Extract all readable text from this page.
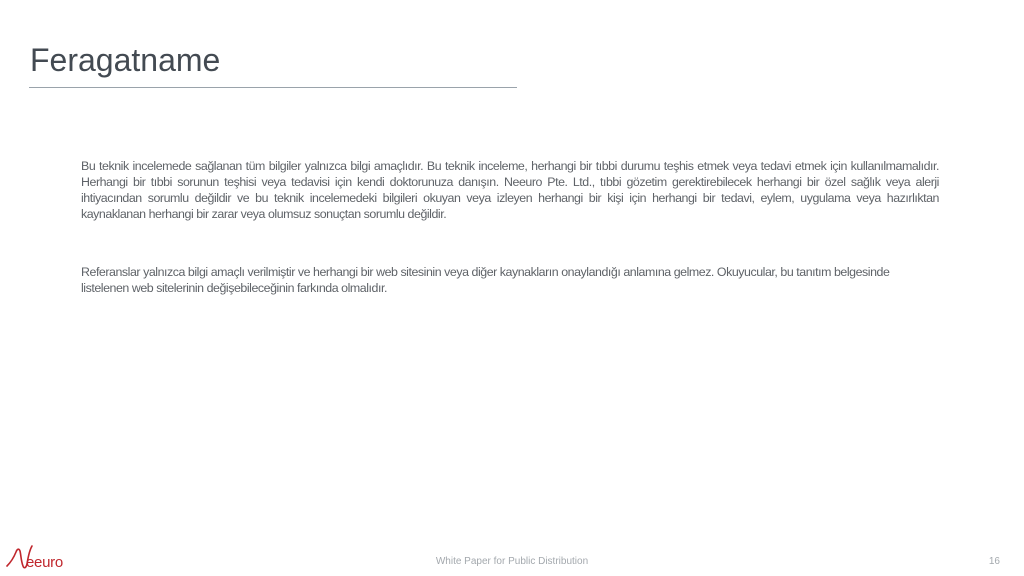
Feragatname

Bu teknik incelemede sağlanan tüm bilgiler yalnızca bilgi amaçlıdır. Bu teknik inceleme, herhangi bir tıbbi durumu teşhis etmek veya tedavi etmek için kullanılmamalıdır. Herhangi bir tıbbi sorunun teşhisi veya tedavisi için kendi doktorunuza danışın. Neeuro Pte. Ltd., tıbbi gözetim gerektirebilecek herhangi bir özel sağlık veya alerji ihtiyacından sorumlu değildir ve bu teknik incelemedeki bilgileri okuyan veya izleyen herhangi bir kişi için herhangi bir tedavi, eylem, uygulama veya hazırlıktan kaynaklanan herhangi bir zarar veya olumsuz sonuçtan sorumlu değildir.

Referanslar yalnızca bilgi amaçlı verilmiştir ve herhangi bir web sitesinin veya diğer kaynakların onaylandığı anlamına gelmez. Okuyucular, bu tanıtım belgesinde listelenen web sitelerinin değişebileceğinin farkında olmalıdır.

eeuro	White Paper for Public Distribution	16
